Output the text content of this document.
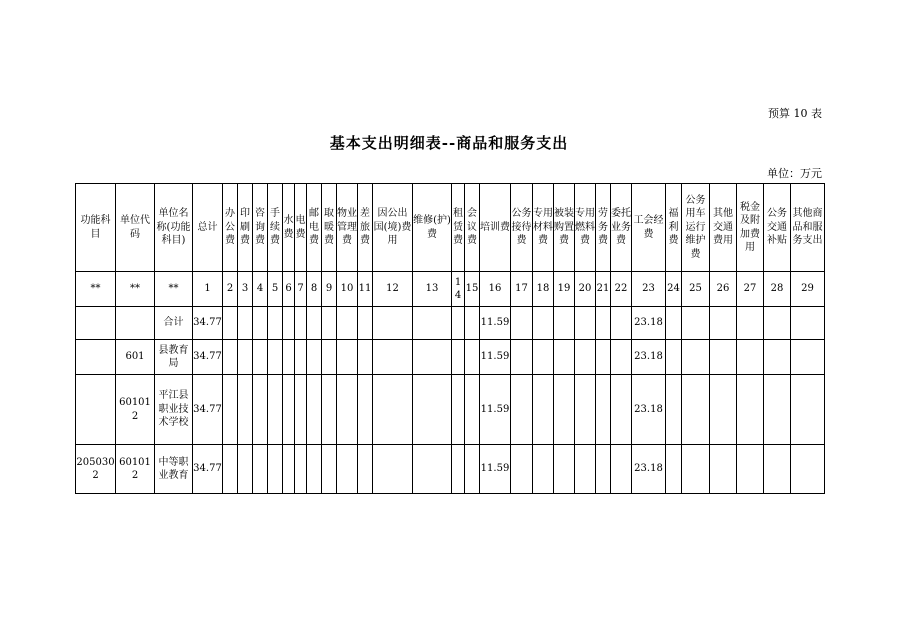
预算 10 表
基本支出明细表--商品和服务支出
单位：万元
功能科目	单位代码	单位名称(功能科目)	总计	办公费	印刷费	咨询费	手续费	水费	电费	邮电费	取暖费	物业管理费	差旅费	因公出国(境)费用	维修(护)费	租赁费	会议费	培训费	公务接待费	专用材料费	被装购置费	专用燃料费	劳务费	委托业务费	工会经费	福利费	公务用车运行维护费	其他交通费用	税金及附加费用	公务交通补贴	其他商品和服务支出
**	**	**	1	2	3	4	5	6	7	8	9	10	11	12	13	14	15	16	17	18	19	20	21	22	23	24	25	26	27	28	29
		合计	34.77															11.59							23.18						
	601	县教育局	34.77															11.59							23.18						
	601012	平江县职业技术学校	34.77															11.59							23.18						
2050302	601012	中等职业教育	34.77															11.59							23.18						
